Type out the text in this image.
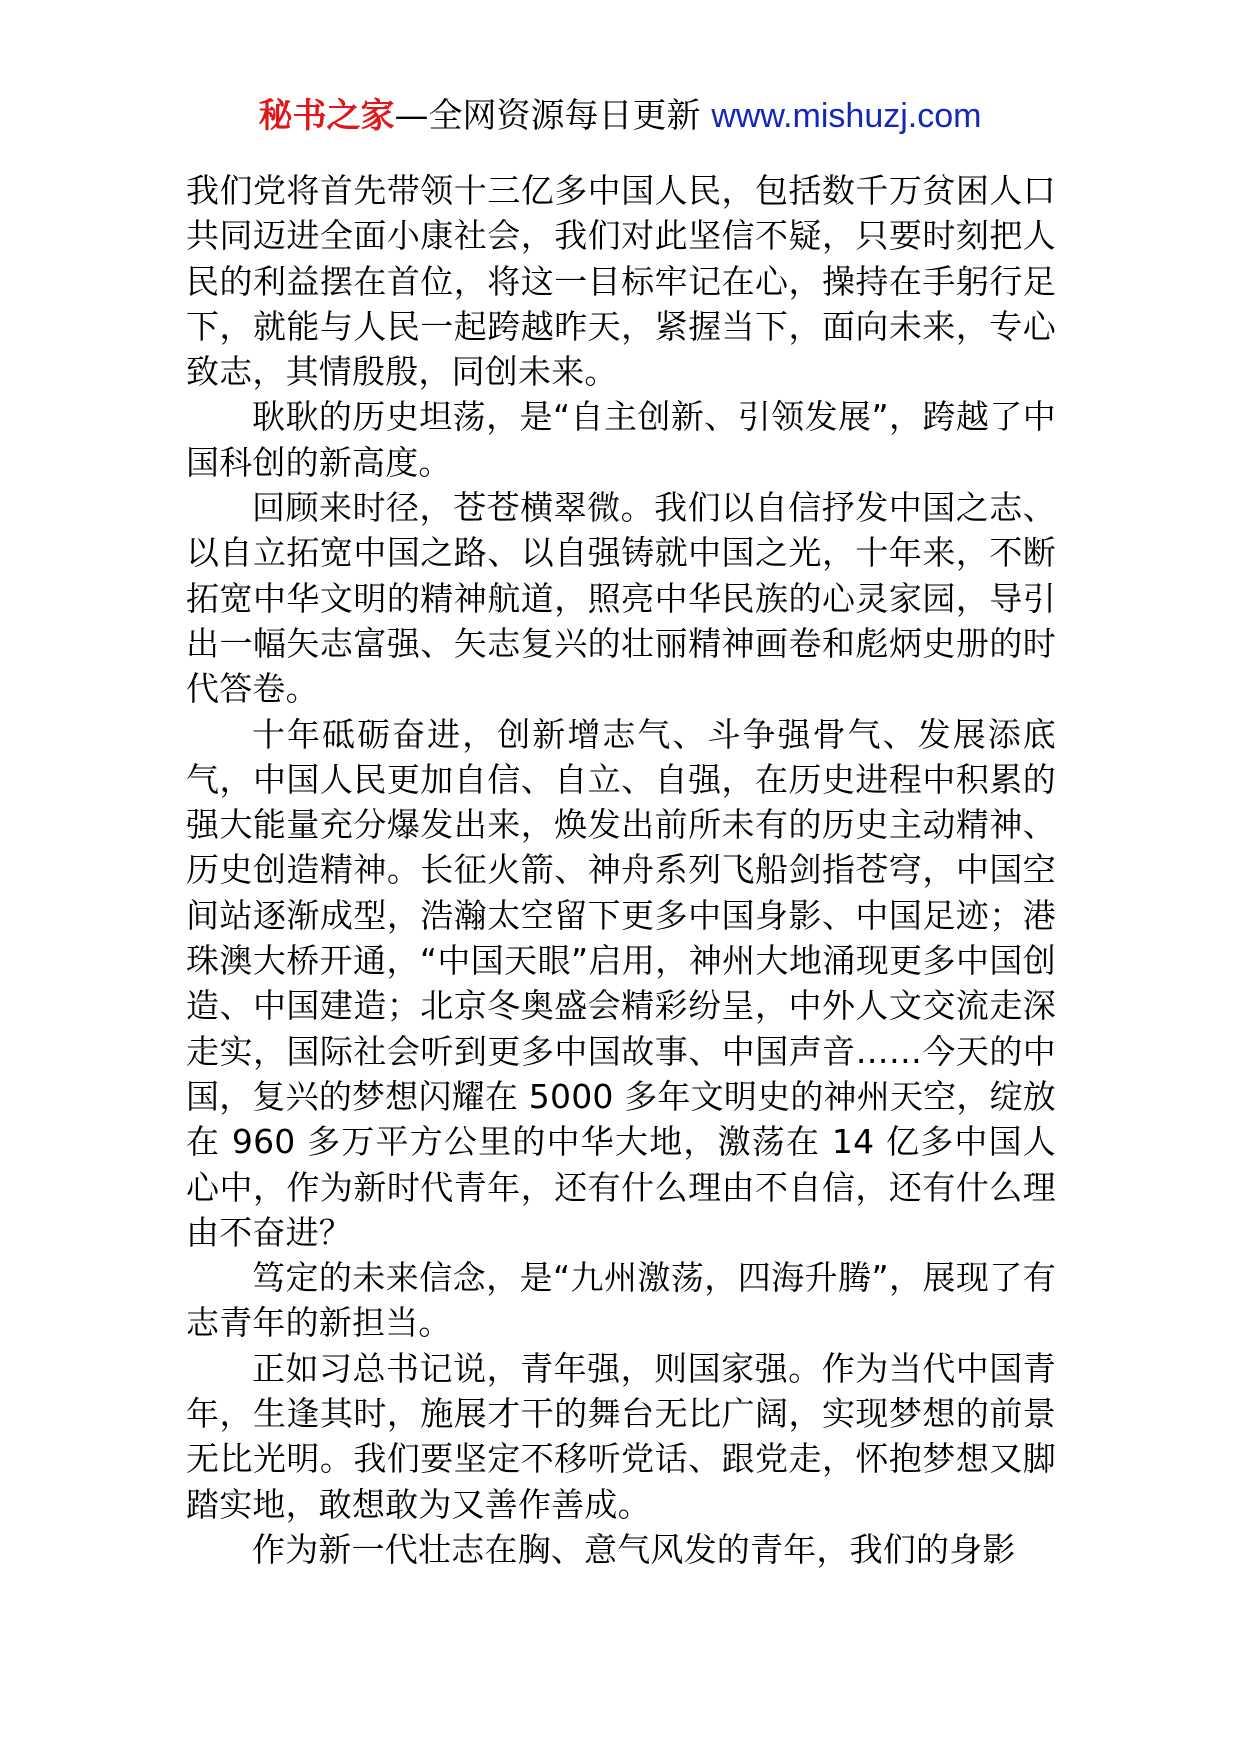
秘书之家—全网资源每日更新 www.mishuzj.com

我们党将首先带领十三亿多中国人民，包括数千万贫困人口共同迈进全面小康社会，我们对此坚信不疑，只要时刻把人民的利益摆在首位，将这一目标牢记在心，操持在手躬行足下，就能与人民一起跨越昨天，紧握当下，面向未来，专心致志，其情殷殷，同创未来。

耿耿的历史坦荡，是“自主创新、引领发展”，跨越了中国科创的新高度。

回顾来时径，苍苍横翠微。我们以自信抒发中国之志、以自立拓宽中国之路、以自强铸就中国之光，十年来，不断拓宽中华文明的精神航道，照亮中华民族的心灵家园，导引出一幅矢志富强、矢志复兴的壮丽精神画卷和彪炳史册的时代答卷。

十年砥砺奋进，创新增志气、斗争强骨气、发展添底气，中国人民更加自信、自立、自强，在历史进程中积累的强大能量充分爆发出来，焕发出前所未有的历史主动精神、历史创造精神。长征火箭、神舟系列飞船剑指苍穹，中国空间站逐渐成型，浩瀚太空留下更多中国身影、中国足迹；港珠澳大桥开通，“中国天眼”启用，神州大地涌现更多中国创造、中国建造；北京冬奥盛会精彩纷呈，中外人文交流走深走实，国际社会听到更多中国故事、中国声音……今天的中国，复兴的梦想闪耀在 5000 多年文明史的神州天空，绽放在 960 多万平方公里的中华大地，激荡在 14 亿多中国人心中，作为新时代青年，还有什么理由不自信，还有什么理由不奋进？

笃定的未来信念，是“九州激荡，四海升腾”，展现了有志青年的新担当。

正如习总书记说，青年强，则国家强。作为当代中国青年，生逢其时，施展才干的舞台无比广阔，实现梦想的前景无比光明。我们要坚定不移听党话、跟党走，怀抱梦想又脚踏实地，敢想敢为又善作善成。

作为新一代壮志在胸、意气风发的青年，我们的身影
